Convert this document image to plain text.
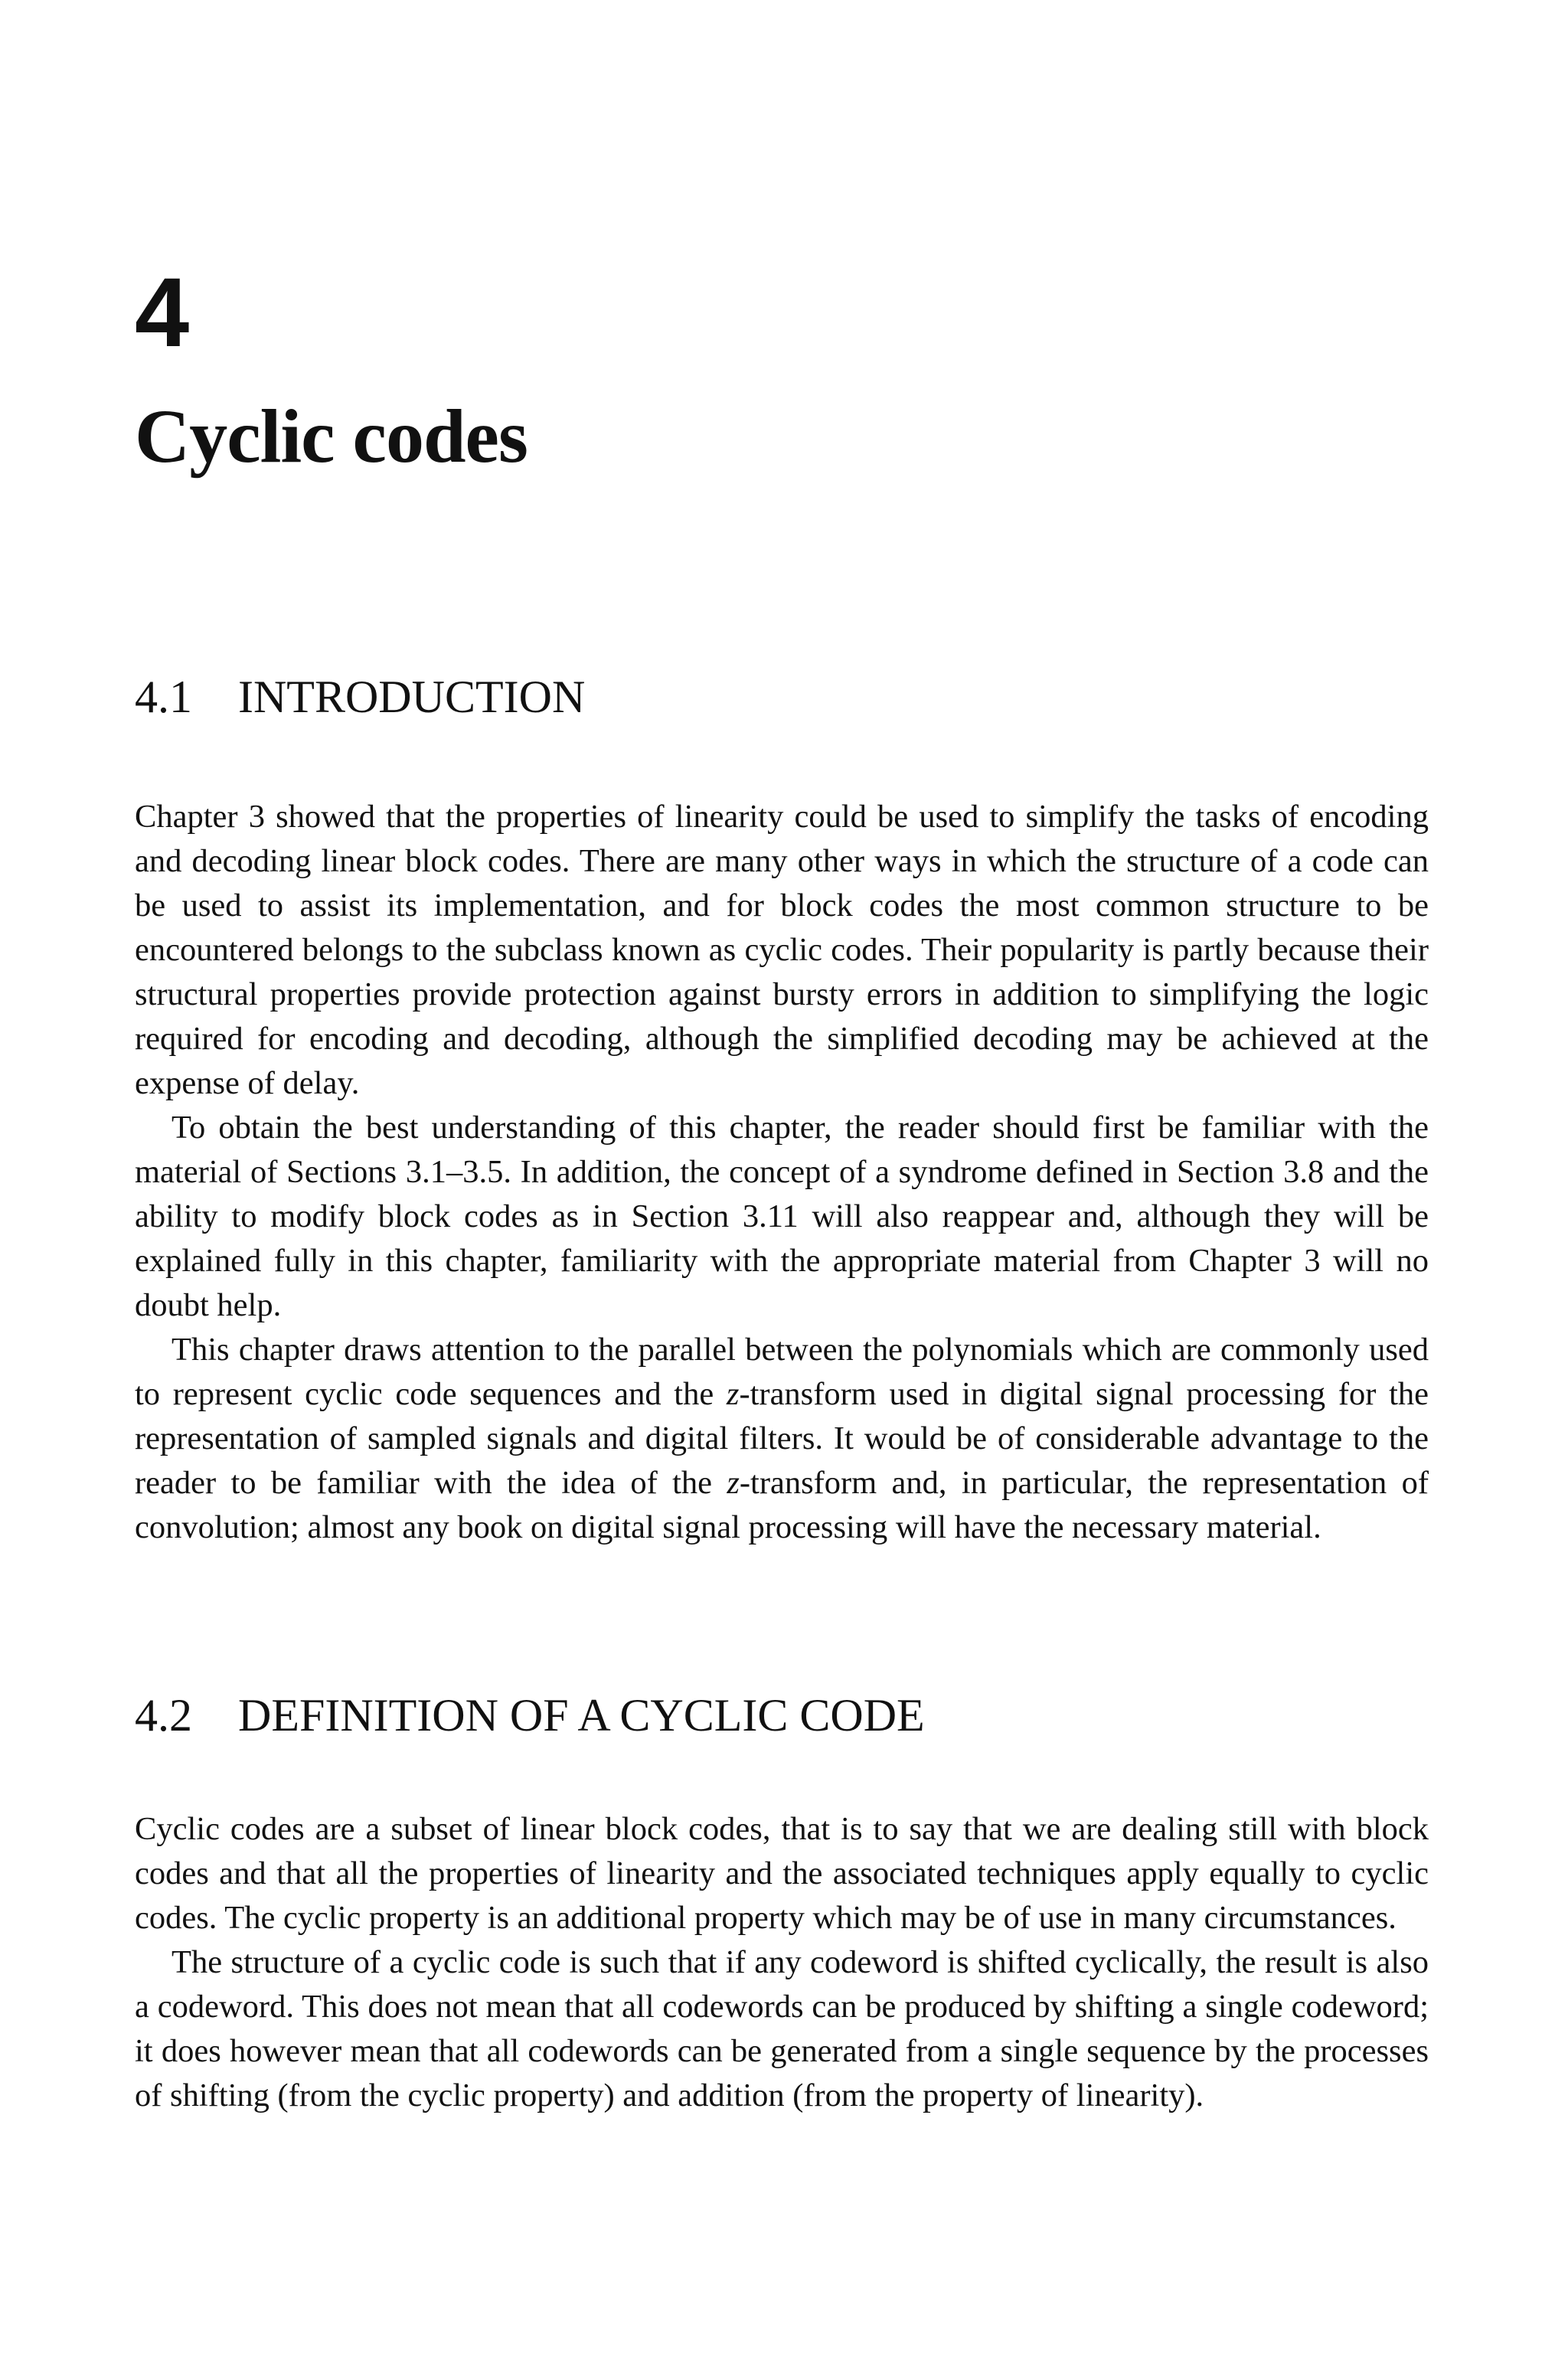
4
Cyclic codes
4.1 INTRODUCTION

Chapter 3 showed that the properties of linearity could be used to simplify the tasks of encoding and decoding linear block codes. There are many other ways in which the structure of a code can be used to assist its implementation, and for block codes the most common structure to be encountered belongs to the subclass known as cyclic codes. Their popularity is partly because their structural properties provide protection against bursty errors in addition to simplifying the logic required for encoding and decoding, although the simplified decoding may be achieved at the expense of delay.

To obtain the best understanding of this chapter, the reader should first be familiar with the material of Sections 3.1–3.5. In addition, the concept of a syndrome defined in Section 3.8 and the ability to modify block codes as in Section 3.11 will also reappear and, although they will be explained fully in this chapter, familiarity with the appropriate material from Chapter 3 will no doubt help.

This chapter draws attention to the parallel between the polynomials which are commonly used to represent cyclic code sequences and the z-transform used in digital signal processing for the representation of sampled signals and digital filters. It would be of considerable advantage to the reader to be familiar with the idea of the z-transform and, in particular, the representation of convolution; almost any book on digital signal processing will have the necessary material.

4.2 DEFINITION OF A CYCLIC CODE

Cyclic codes are a subset of linear block codes, that is to say that we are dealing still with block codes and that all the properties of linearity and the associated techniques apply equally to cyclic codes. The cyclic property is an additional property which may be of use in many circumstances.

The structure of a cyclic code is such that if any codeword is shifted cyclically, the result is also a codeword. This does not mean that all codewords can be produced by shifting a single codeword; it does however mean that all codewords can be generated from a single sequence by the processes of shifting (from the cyclic property) and addition (from the property of linearity).
